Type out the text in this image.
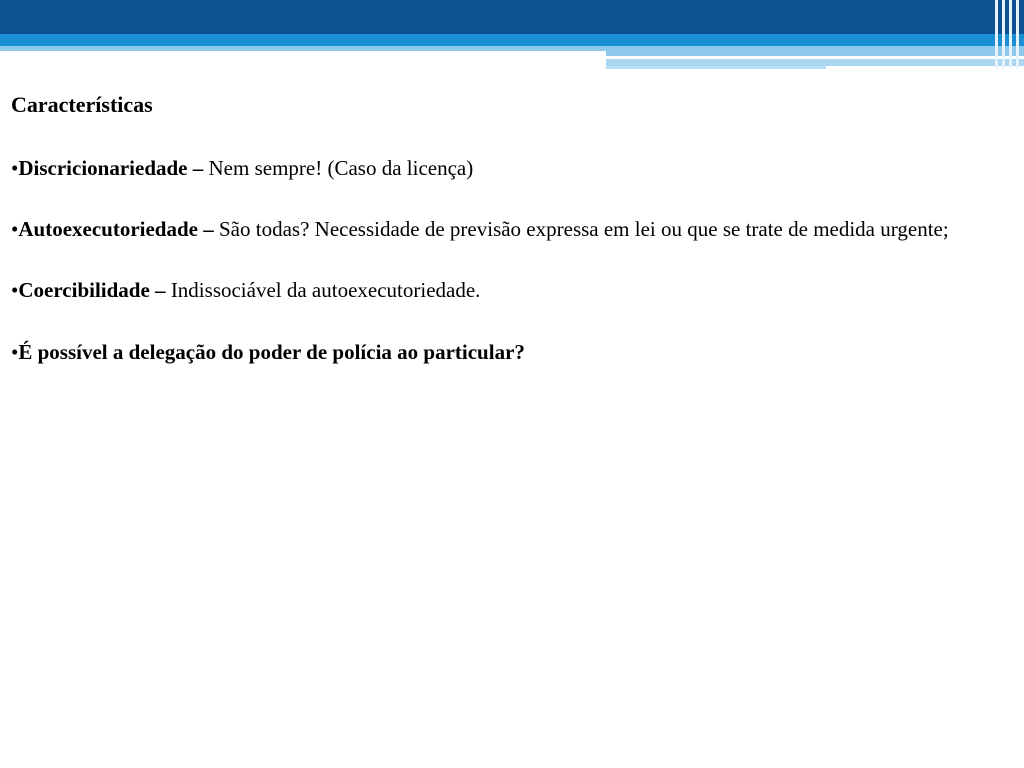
Características

•Discricionariedade – Nem sempre! (Caso da licença)

•Autoexecutoriedade – São todas? Necessidade de previsão expressa em lei ou que se trate de medida urgente;

•Coercibilidade – Indissociável da autoexecutoriedade.

•É possível a delegação do poder de polícia ao particular?
